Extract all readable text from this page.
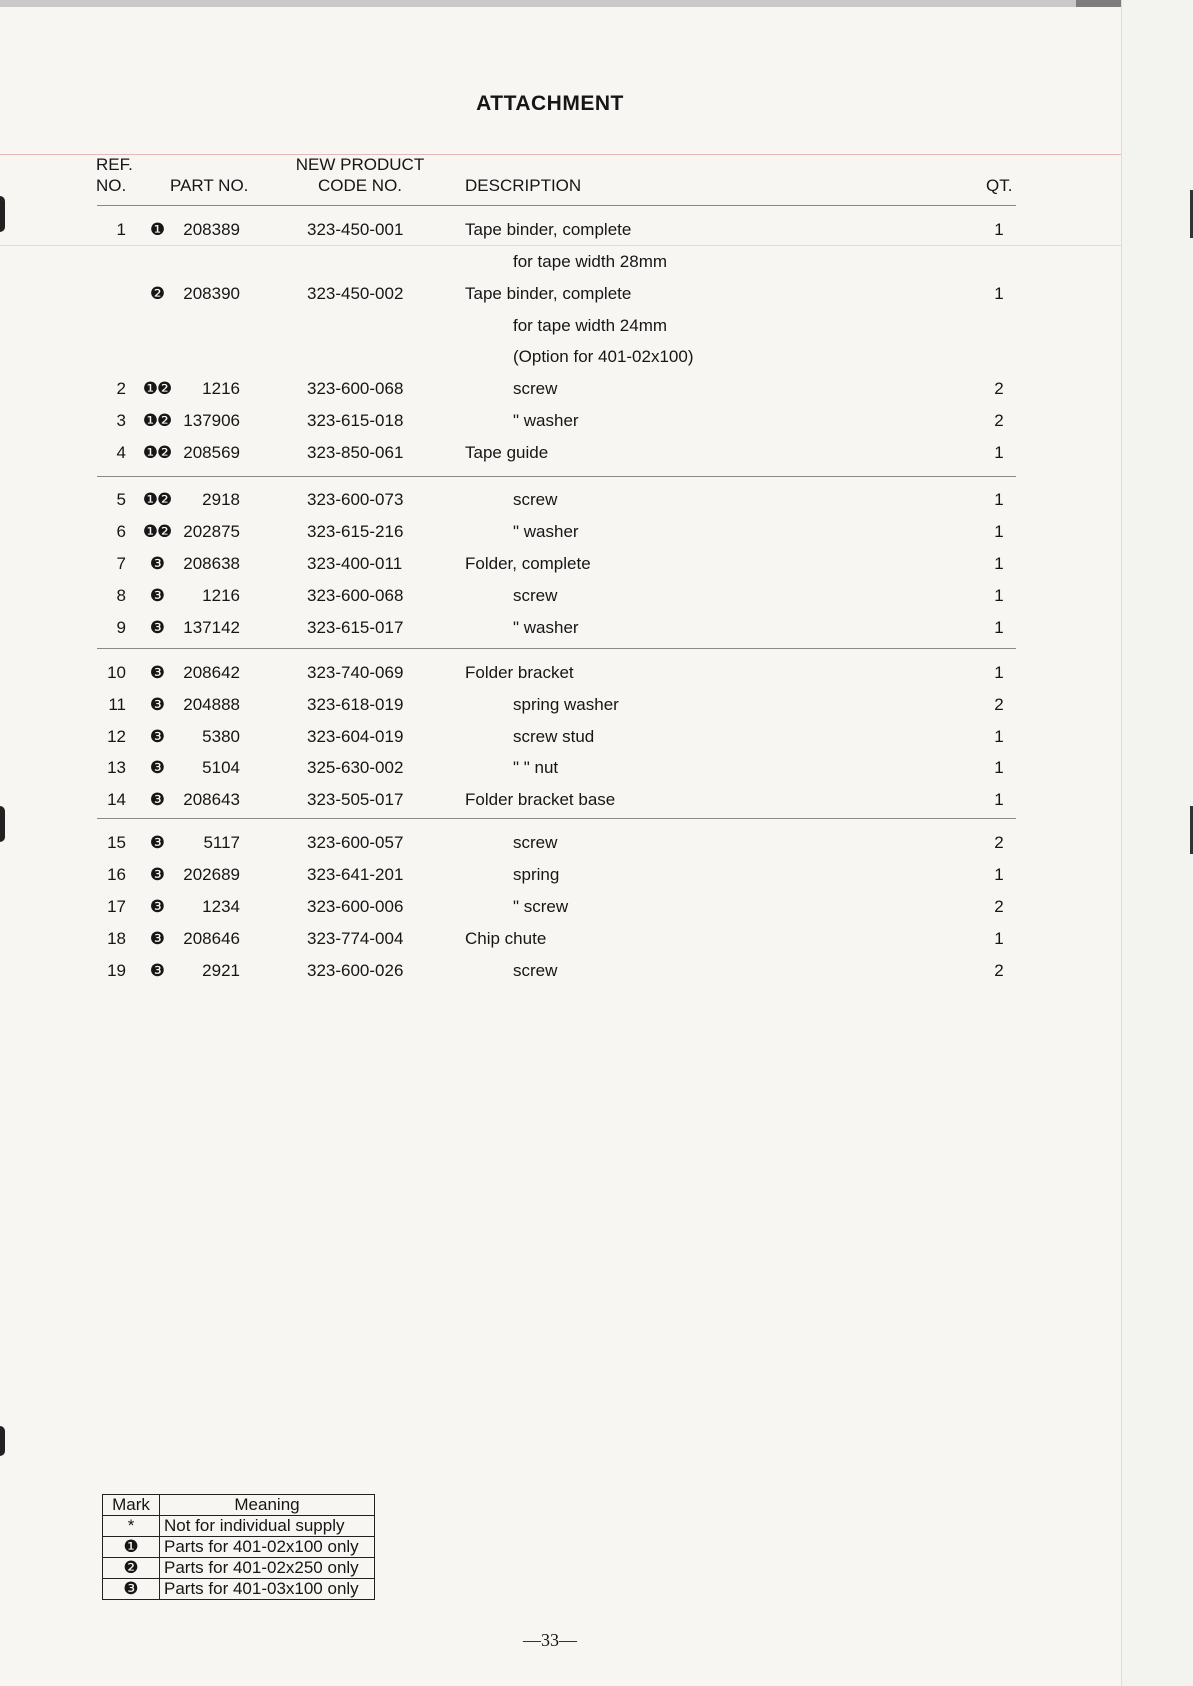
ATTACHMENT
REF.
NO.	PART NO.
NEW PRODUCT
CODE NO.	DESCRIPTION	QT.
1	❶	208389	323-450-001	Tape binder, complete	1
for tape width 28mm
❷	208390	323-450-002	Tape binder, complete	1
for tape width 24mm
(Option for 401-02x100)
2 ❶❷	1216	323-600-068	screw	2
3 ❶❷ 137906	323-615-018	" washer	2
4 ❶❷ 208569	323-850-061	Tape guide	1
5 ❶❷	2918	323-600-073	screw	1
6 ❶❷ 202875	323-615-216	" washer	1
7	❸	208638	323-400-011	Folder, complete	1
8	❸	1216	323-600-068	screw	1
9	❸	137142	323-615-017	" washer	1
10	❸	208642	323-740-069	Folder bracket	1
11	❸	204888	323-618-019	spring washer	2
12	❸	5380	323-604-019	screw stud	1
13	❸	5104	325-630-002	" " nut	1
14	❸	208643	323-505-017	Folder bracket base	1
15	❸	5117	323-600-057	screw	2
16	❸	202689	323-641-201	spring	1
17	❸	1234	323-600-006	" screw	2
18	❸	208646	323-774-004	Chip chute	1
19	❸	2921	323-600-026	screw	2
Mark	Meaning
*	Not for individual supply
❶	Parts for 401-02x100 only
❷	Parts for 401-02x250 only
❸	Parts for 401-03x100 only
—33—
